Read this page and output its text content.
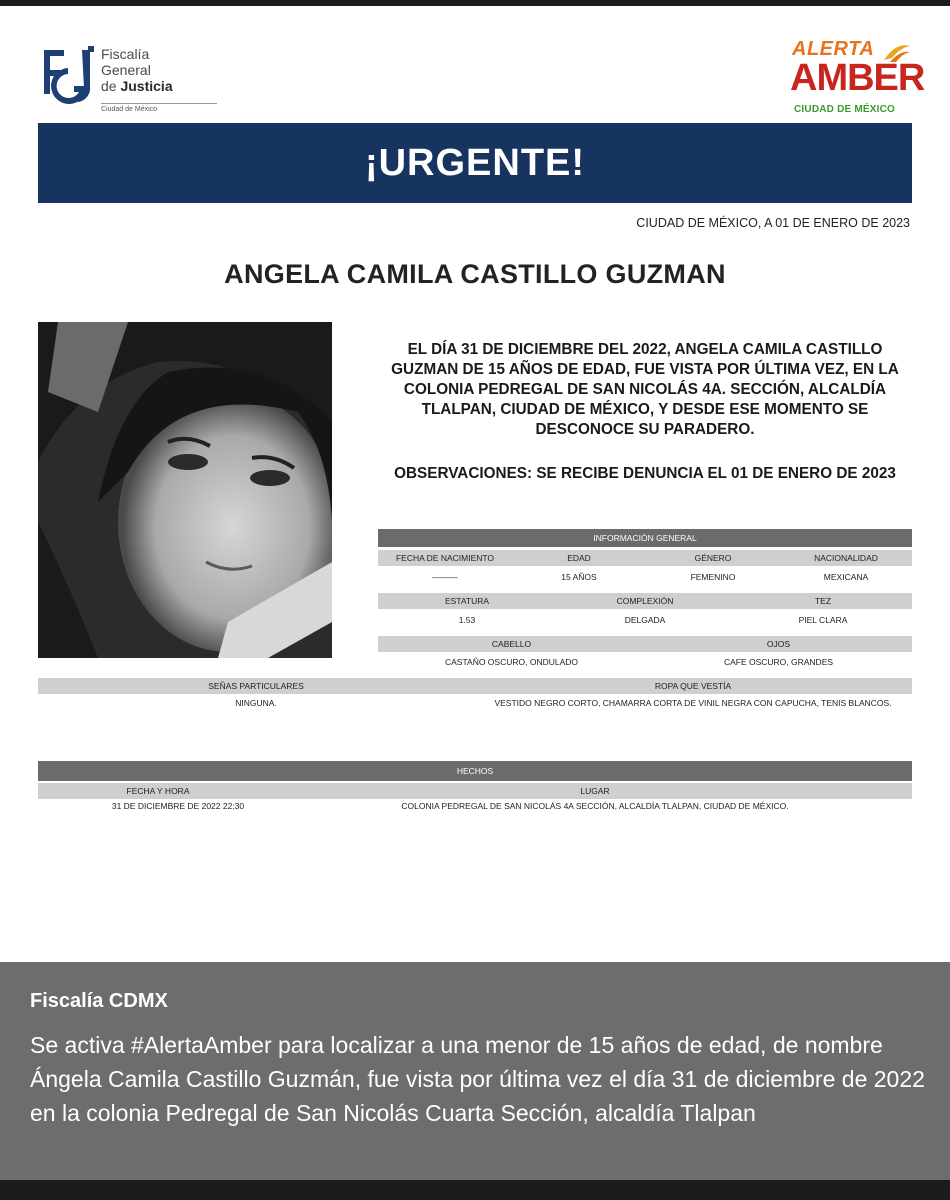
Fiscalía
General
de Justicia
Ciudad de México
ALERTA
AMBER
CIUDAD DE MÉXICO
¡URGENTE!
CIUDAD DE MÉXICO, A 01 DE ENERO DE 2023
ANGELA CAMILA CASTILLO GUZMAN
EL DÍA 31 DE DICIEMBRE DEL 2022, ANGELA CAMILA CASTILLO GUZMAN DE 15 AÑOS DE EDAD, FUE VISTA POR ÚLTIMA VEZ, EN LA COLONIA PEDREGAL DE SAN NICOLÁS 4A. SECCIÓN, ALCALDÍA TLALPAN, CIUDAD DE MÉXICO, Y DESDE ESE MOMENTO SE DESCONOCE SU PARADERO.
OBSERVACIONES: SE RECIBE DENUNCIA EL 01 DE ENERO DE 2023
INFORMACIÓN GENERAL
FECHA DE NACIMIENTO	EDAD	GÉNERO	NACIONALIDAD
———	15 AÑOS	FEMENINO	MEXICANA
ESTATURA	COMPLEXIÓN	TEZ
1.53	DELGADA	PIEL CLARA
CABELLO	OJOS
CASTAÑO OSCURO, ONDULADO	CAFE OSCURO, GRANDES
SEÑAS PARTICULARES	ROPA QUE VESTÍA
NINGUNA.	VESTIDO NEGRO CORTO, CHAMARRA CORTA DE VINIL NEGRA CON CAPUCHA, TENIS BLANCOS.
HECHOS
FECHA Y HORA	LUGAR
31 DE DICIEMBRE DE 2022 22:30	COLONIA PEDREGAL DE SAN NICOLÁS 4A SECCIÓN, ALCALDÍA TLALPAN, CIUDAD DE MÉXICO.
Fiscalía CDMX
Se activa #AlertaAmber para localizar a una menor de 15 años de edad, de nombre Ángela Camila Castillo Guzmán, fue vista por última vez el día 31 de diciembre de 2022 en la colonia Pedregal de San Nicolás Cuarta Sección, alcaldía Tlalpan
